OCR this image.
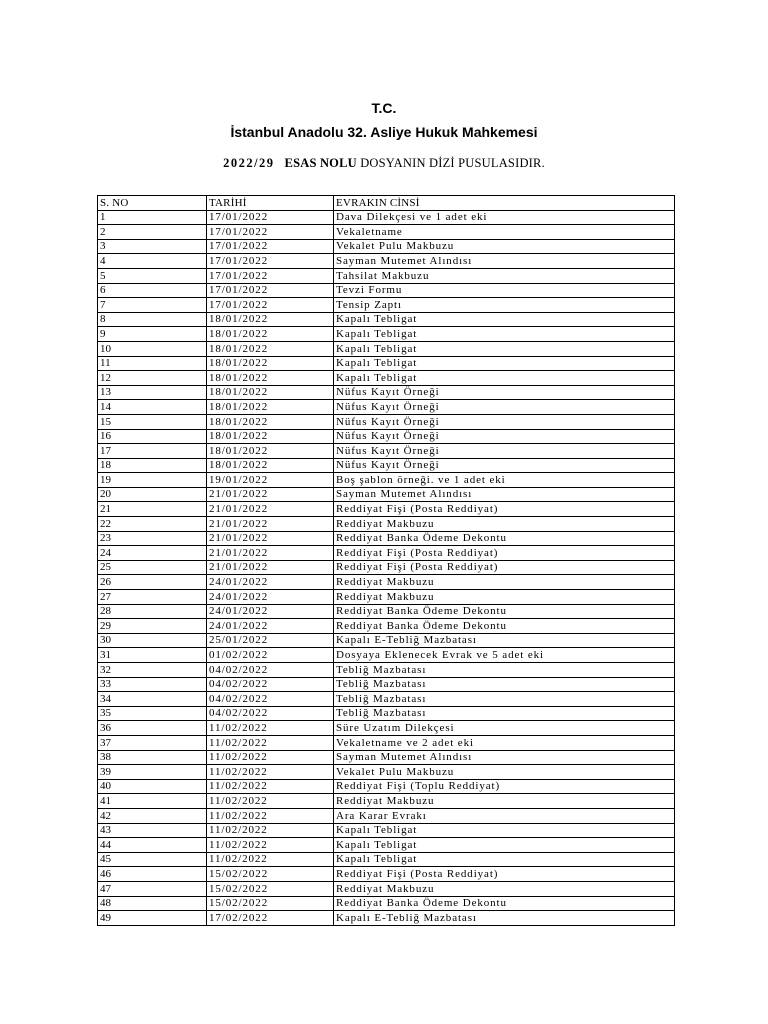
T.C.
İstanbul Anadolu 32. Asliye Hukuk Mahkemesi
2022/29 ESAS NOLU DOSYANIN DİZİ PUSULASIDIR.
S. NO	TARİHİ	EVRAKIN CİNSİ
1	17/01/2022	Dava Dilekçesi ve 1 adet eki
2	17/01/2022	Vekaletname
3	17/01/2022	Vekalet Pulu Makbuzu
4	17/01/2022	Sayman Mutemet Alındısı
5	17/01/2022	Tahsilat Makbuzu
6	17/01/2022	Tevzi Formu
7	17/01/2022	Tensip Zaptı
8	18/01/2022	Kapalı Tebligat
9	18/01/2022	Kapalı Tebligat
10	18/01/2022	Kapalı Tebligat
11	18/01/2022	Kapalı Tebligat
12	18/01/2022	Kapalı Tebligat
13	18/01/2022	Nüfus Kayıt Örneği
14	18/01/2022	Nüfus Kayıt Örneği
15	18/01/2022	Nüfus Kayıt Örneği
16	18/01/2022	Nüfus Kayıt Örneği
17	18/01/2022	Nüfus Kayıt Örneği
18	18/01/2022	Nüfus Kayıt Örneği
19	19/01/2022	Boş şablon örneği. ve 1 adet eki
20	21/01/2022	Sayman Mutemet Alındısı
21	21/01/2022	Reddiyat Fişi (Posta Reddiyat)
22	21/01/2022	Reddiyat Makbuzu
23	21/01/2022	Reddiyat Banka Ödeme Dekontu
24	21/01/2022	Reddiyat Fişi (Posta Reddiyat)
25	21/01/2022	Reddiyat Fişi (Posta Reddiyat)
26	24/01/2022	Reddiyat Makbuzu
27	24/01/2022	Reddiyat Makbuzu
28	24/01/2022	Reddiyat Banka Ödeme Dekontu
29	24/01/2022	Reddiyat Banka Ödeme Dekontu
30	25/01/2022	Kapalı E-Tebliğ Mazbatası
31	01/02/2022	Dosyaya Eklenecek Evrak ve 5 adet eki
32	04/02/2022	Tebliğ Mazbatası
33	04/02/2022	Tebliğ Mazbatası
34	04/02/2022	Tebliğ Mazbatası
35	04/02/2022	Tebliğ Mazbatası
36	11/02/2022	Süre Uzatım Dilekçesi
37	11/02/2022	Vekaletname ve 2 adet eki
38	11/02/2022	Sayman Mutemet Alındısı
39	11/02/2022	Vekalet Pulu Makbuzu
40	11/02/2022	Reddiyat Fişi (Toplu Reddiyat)
41	11/02/2022	Reddiyat Makbuzu
42	11/02/2022	Ara Karar Evrakı
43	11/02/2022	Kapalı Tebligat
44	11/02/2022	Kapalı Tebligat
45	11/02/2022	Kapalı Tebligat
46	15/02/2022	Reddiyat Fişi (Posta Reddiyat)
47	15/02/2022	Reddiyat Makbuzu
48	15/02/2022	Reddiyat Banka Ödeme Dekontu
49	17/02/2022	Kapalı E-Tebliğ Mazbatası
